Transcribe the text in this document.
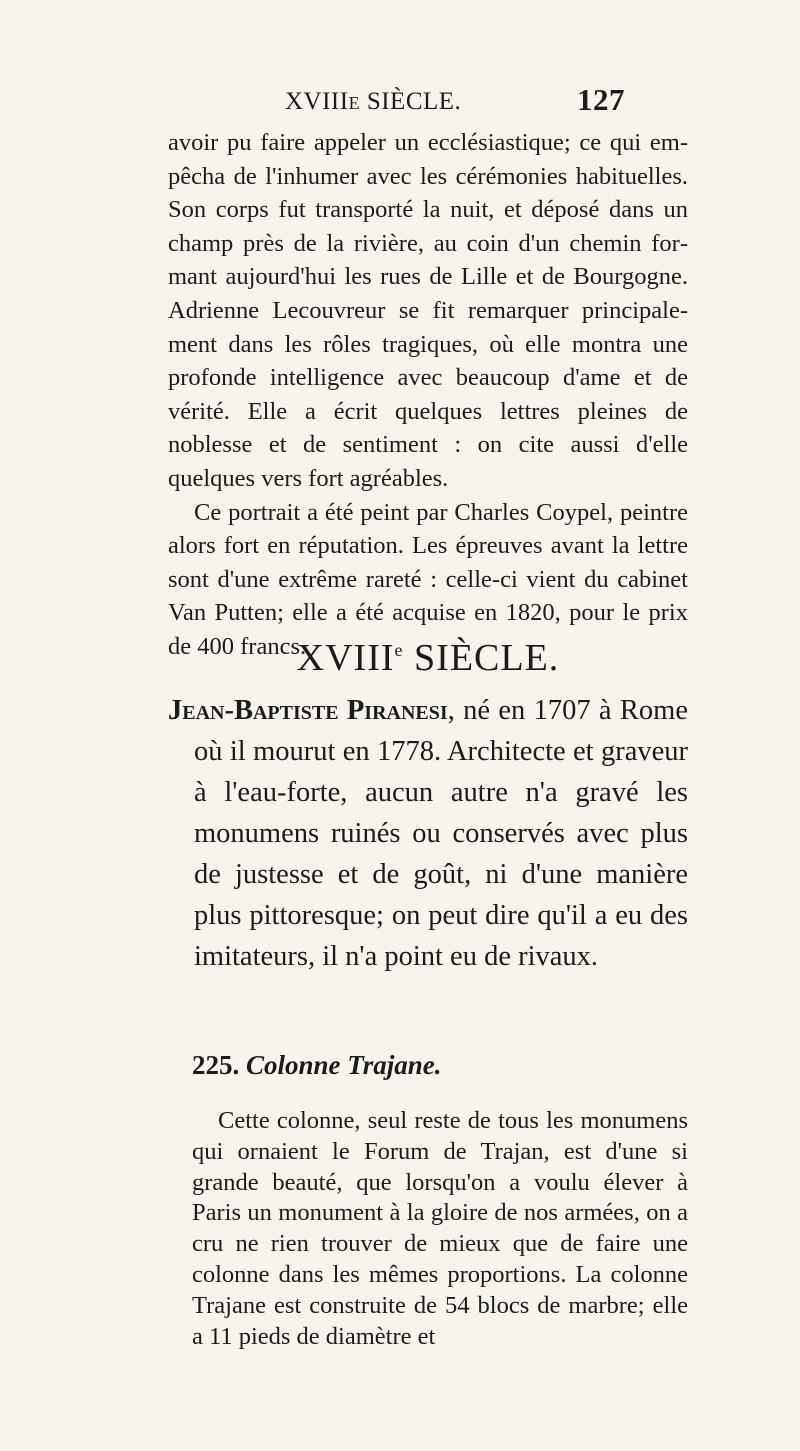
XVIIIe SIÈCLE.	127

avoir pu faire appeler un ecclésiastique; ce qui empêcha de l'inhumer avec les cérémonies habituelles. Son corps fut transporté la nuit, et déposé dans un champ près de la rivière, au coin d'un chemin formant aujourd'hui les rues de Lille et de Bourgogne. Adrienne Lecouvreur se fit remarquer principalement dans les rôles tragiques, où elle montra une profonde intelligence avec beaucoup d'ame et de vérité. Elle a écrit quelques lettres pleines de noblesse et de sentiment : on cite aussi d'elle quelques vers fort agréables.

Ce portrait a été peint par Charles Coypel, peintre alors fort en réputation. Les épreuves avant la lettre sont d'une extrême rareté : celle-ci vient du cabinet Van Putten; elle a été acquise en 1820, pour le prix de 400 francs.

XVIIIe SIÈCLE.

Jean-Baptiste Piranesi, né en 1707 à Rome où il mourut en 1778. Architecte et graveur à l'eau-forte, aucun autre n'a gravé les monumens ruinés ou conservés avec plus de justesse et de goût, ni d'une manière plus pittoresque; on peut dire qu'il a eu des imitateurs, il n'a point eu de rivaux.

225. Colonne Trajane.

Cette colonne, seul reste de tous les monumens qui ornaient le Forum de Trajan, est d'une si grande beauté, que lorsqu'on a voulu élever à Paris un monument à la gloire de nos armées, on a cru ne rien trouver de mieux que de faire une colonne dans les mêmes proportions. La colonne Trajane est construite de 54 blocs de marbre; elle a 11 pieds de diamètre et
